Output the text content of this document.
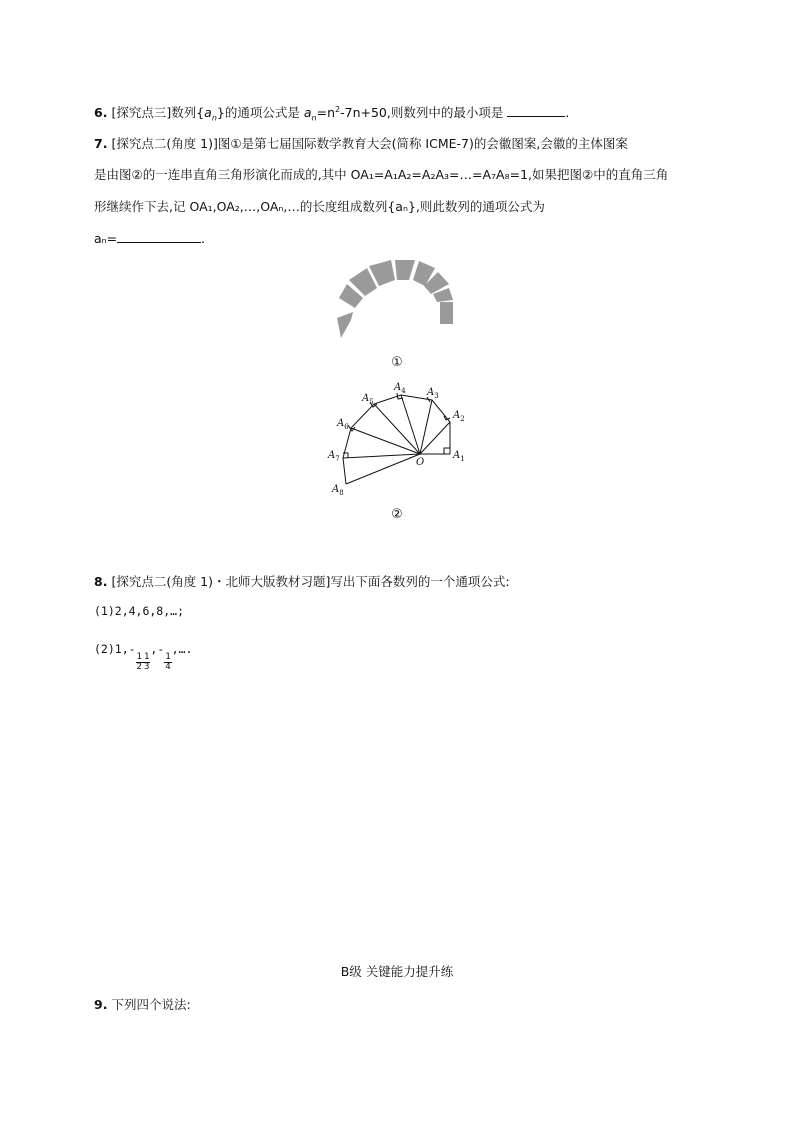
6. [探究点三]数列$\{a_n\}$的通项公式是 $a_n=n^2-7n+50$,则数列中的最小项是	.
7. [探究点二(角度 1)]图①是第七届国际数学教育大会(简称 ICME-7)的会徽图案,会徽的主体图案
是由图②的一连串直角三角形演化而成的,其中 OA₁=A₁A₂=A₂A₃=…=A₇A₈=1,如果把图②中的直角三角
形继续作下去,记 OA₁,OA₂,…,OAₙ,…的长度组成数列{aₙ},则此数列的通项公式为
aₙ=	.
①
$A_1$
$A_2$
$A_3$
$A_4$
$A_5$
$A_6$
$A_7$
$A_8$
O
②
8. [探究点二(角度 1)・北师大版教材习题]写出下面各数列的一个通项公式:
(1)2,4,6,8,…;
(2)1,-
$\frac{1}{2} \frac{1}{3}$
,-
$\frac{1}{4}$
,….
B级 关键能力提升练
9. 下列四个说法:
